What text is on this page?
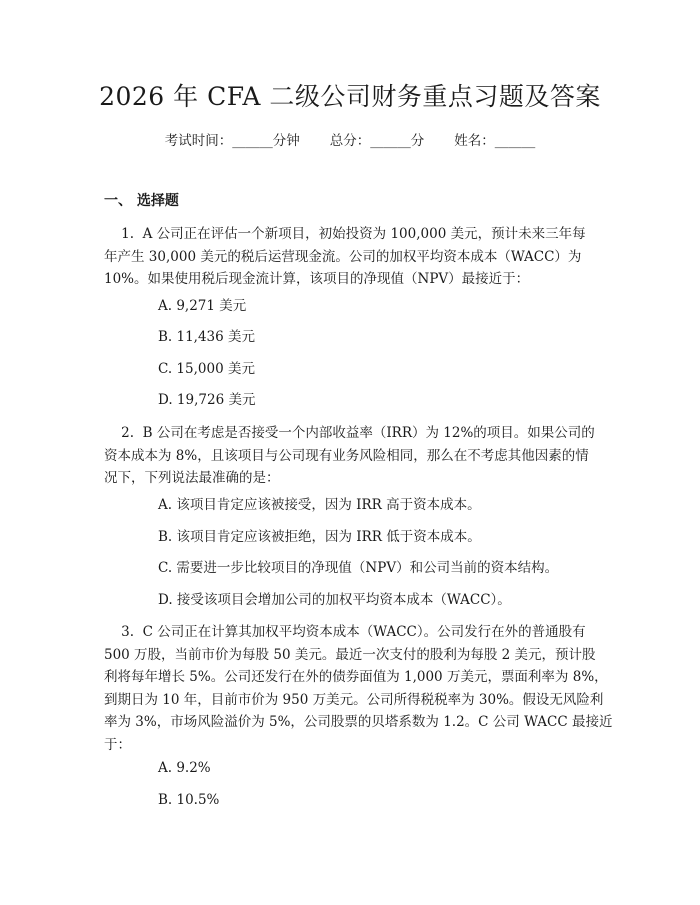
2026 年 CFA 二级公司财务重点习题及答案
考试时间：______分钟 总分：______分 姓名：______
一、 选择题
1.  A 公司正在评估一个新项目，初始投资为 100,000 美元，预计未来三年每
年产生 30,000 美元的税后运营现金流。公司的加权平均资本成本（WACC）为
10%。如果使用税后现金流计算，该项目的净现值（NPV）最接近于：
A. 9,271 美元
B. 11,436 美元
C. 15,000 美元
D. 19,726 美元
2.  B 公司在考虑是否接受一个内部收益率（IRR）为 12%的项目。如果公司的
资本成本为 8%，且该项目与公司现有业务风险相同，那么在不考虑其他因素的情
况下，下列说法最准确的是：
A. 该项目肯定应该被接受，因为 IRR 高于资本成本。
B. 该项目肯定应该被拒绝，因为 IRR 低于资本成本。
C. 需要进一步比较项目的净现值（NPV）和公司当前的资本结构。
D. 接受该项目会增加公司的加权平均资本成本（WACC）。
3.  C 公司正在计算其加权平均资本成本（WACC）。公司发行在外的普通股有
500 万股，当前市价为每股 50 美元。最近一次支付的股利为每股 2 美元，预计股
利将每年增长 5%。公司还发行在外的债券面值为 1,000 万美元，票面利率为 8%，
到期日为 10 年，目前市价为 950 万美元。公司所得税税率为 30%。假设无风险利
率为 3%，市场风险溢价为 5%，公司股票的贝塔系数为 1.2。C 公司 WACC 最接近
于：
A. 9.2%
B. 10.5%
